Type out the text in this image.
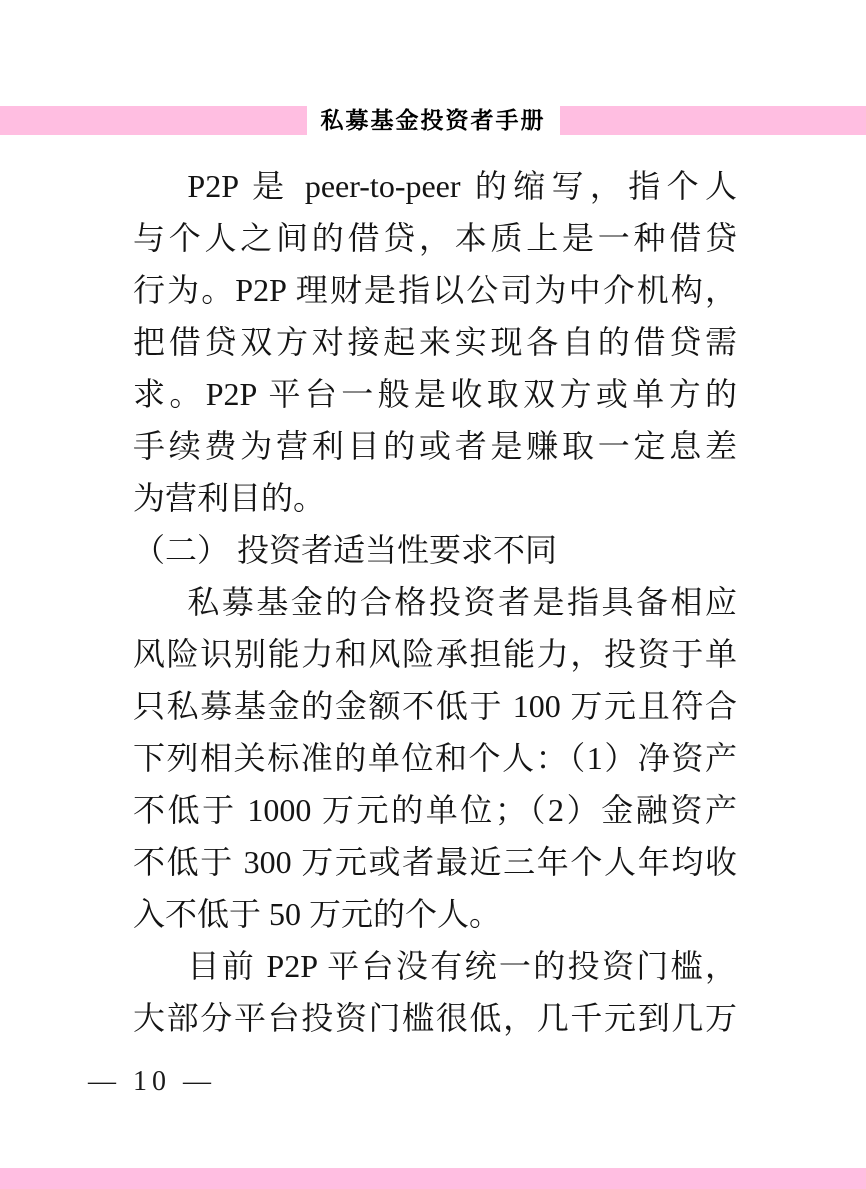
私募基金投资者手册
P2P 是 peer-to-peer 的缩写，指个人
与个人之间的借贷，本质上是一种借贷
行为。P2P 理财是指以公司为中介机构，
把借贷双方对接起来实现各自的借贷需
求。P2P 平台一般是收取双方或单方的
手续费为营利目的或者是赚取一定息差
为营利目的。
（二） 投资者适当性要求不同
私募基金的合格投资者是指具备相应
风险识别能力和风险承担能力，投资于单
只私募基金的金额不低于 100 万元且符合
下列相关标准的单位和个人：（1）净资产
不低于 1000 万元的单位；（2）金融资产
不低于 300 万元或者最近三年个人年均收
入不低于 50 万元的个人。
目前 P2P 平台没有统一的投资门槛，
大部分平台投资门槛很低，几千元到几万
— 10 —
